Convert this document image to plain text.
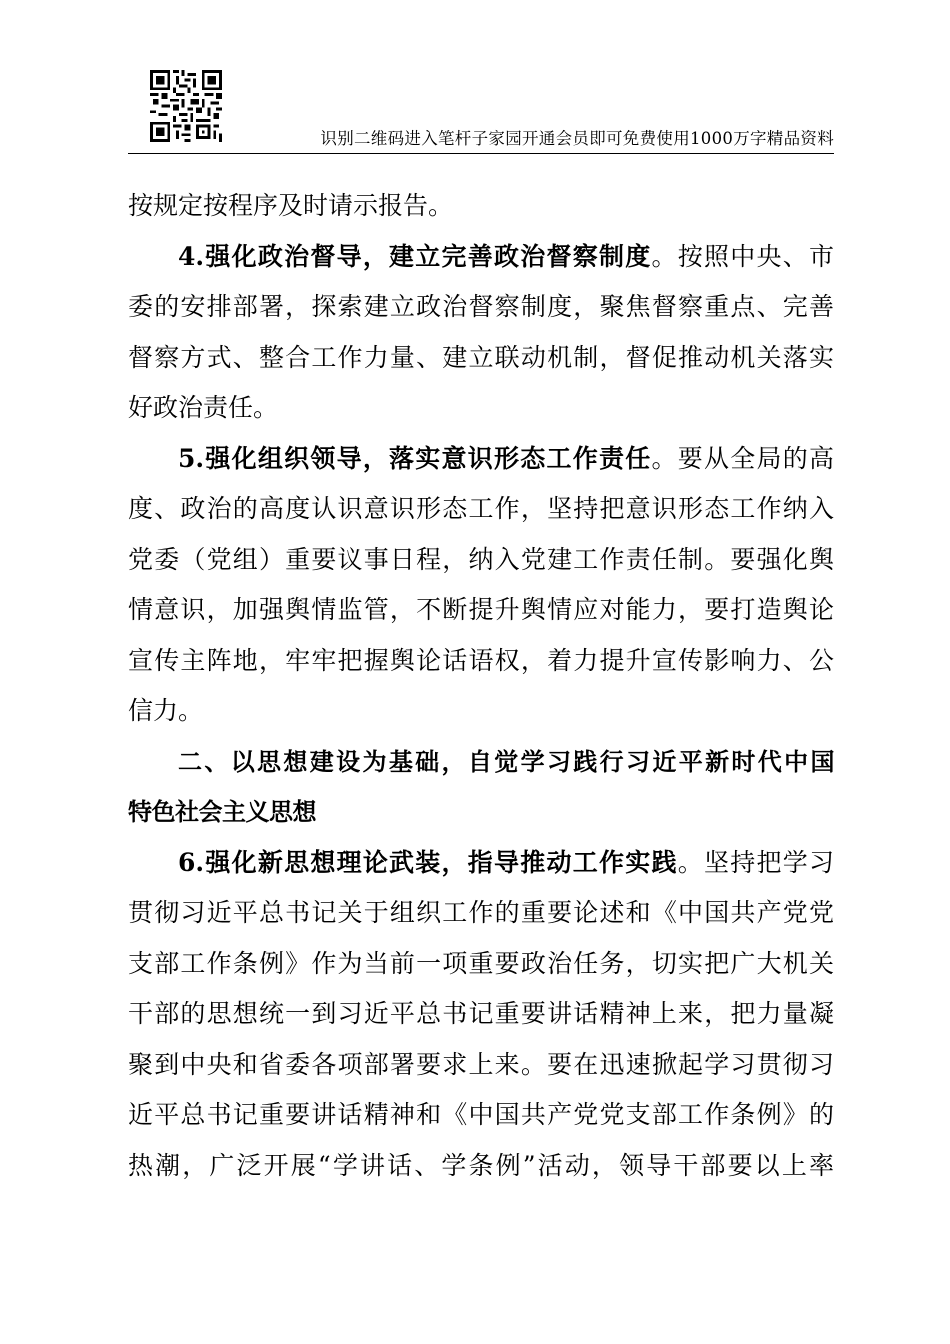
识别二维码进入笔杆子家园开通会员即可免费使用1000万字精品资料
按规定按程序及时请示报告。
4.强化政治督导，建立完善政治督察制度。按照中央、市
委的安排部署，探索建立政治督察制度，聚焦督察重点、完善
督察方式、整合工作力量、建立联动机制，督促推动机关落实
好政治责任。
5.强化组织领导，落实意识形态工作责任。要从全局的高
度、政治的高度认识意识形态工作，坚持把意识形态工作纳入
党委（党组）重要议事日程，纳入党建工作责任制。要强化舆
情意识，加强舆情监管，不断提升舆情应对能力，要打造舆论
宣传主阵地，牢牢把握舆论话语权，着力提升宣传影响力、公
信力。
二、以思想建设为基础，自觉学习践行习近平新时代中国
特色社会主义思想
6.强化新思想理论武装，指导推动工作实践。坚持把学习
贯彻习近平总书记关于组织工作的重要论述和《中国共产党党
支部工作条例》作为当前一项重要政治任务，切实把广大机关
干部的思想统一到习近平总书记重要讲话精神上来，把力量凝
聚到中央和省委各项部署要求上来。要在迅速掀起学习贯彻习
近平总书记重要讲话精神和《中国共产党党支部工作条例》的
热潮，广泛开展“学讲话、学条例”活动，领导干部要以上率
